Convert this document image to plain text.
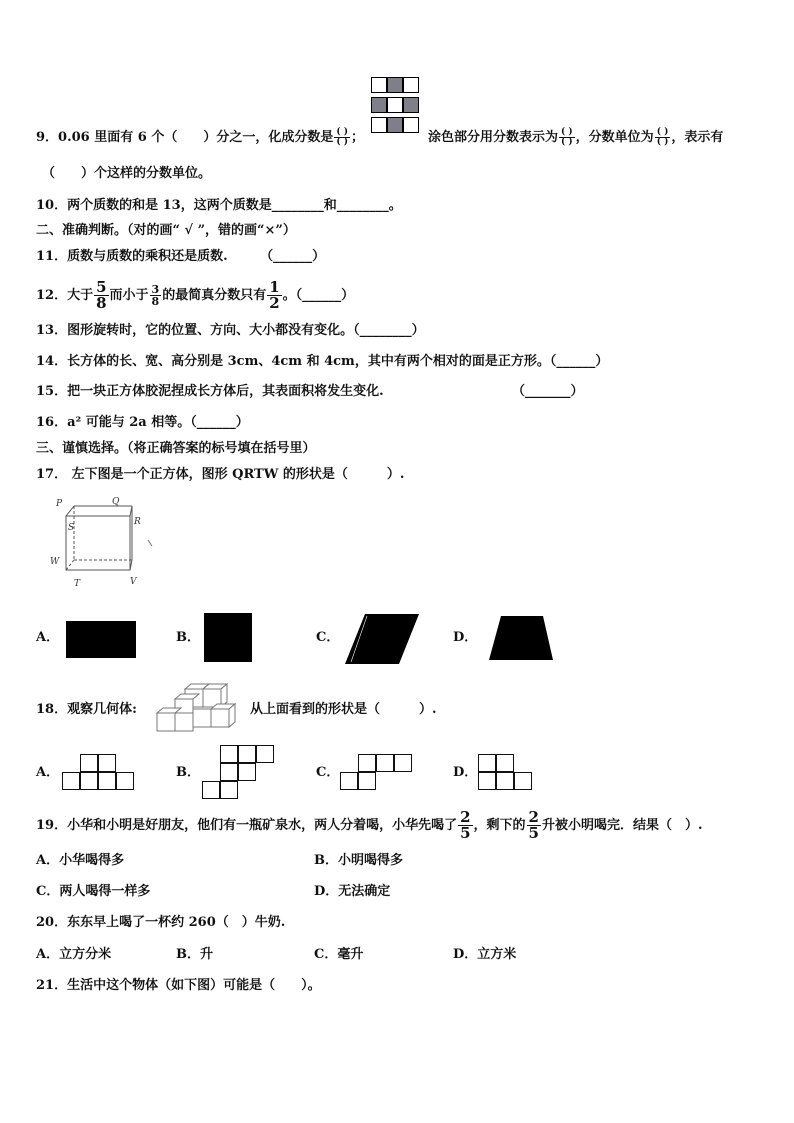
9．0.06 里面有 6 个（　　）分之一，化成分数是 $\frac{( )}{( )}$ ；	涂色部分用分数表示为 $\frac{( )}{( )}$ ，分数单位为 $\frac{( )}{( )}$ ，表示有
（　　）个这样的分数单位。
10．两个质数的和是 13，这两个质数是________和________。
二、准确判断。（对的画“ √ ”，错的画“×”）
11．质数与质数的乘积还是质数.　　　（______）
12．大于 $\frac{5}{8}$ 而小于 $\frac{3}{8}$ 的最简真分数只有 $\frac{1}{2}$ 。（______）
13．图形旋转时，它的位置、方向、大小都没有变化。（________）
14．长方体的长、宽、高分别是 3cm、4cm 和 4cm，其中有两个相对的面是正方形。（______）
15．把一块正方体胶泥捏成长方体后，其表面积将发生变化.	（_______）
16．a² 可能与 2a 相等。（______）
三、谨慎选择。（将正确答案的标号填在括号里）
17． 左下图是一个正方体，图形 QRTW 的形状是（　　　）.
P	Q
S
R
W
T	V
A．	B．	C．	D．
18．观察几何体:	从上面看到的形状是（　　　）.
A．	B．	C．	D．
19．小华和小明是好朋友，他们有一瓶矿泉水，两人分着喝，小华先喝了 $\frac{2}{5}$ ，剩下的 $\frac{2}{5}$ 升被小明喝完．结果（　）.
A．小华喝得多	B．小明喝得多
C．两人喝得一样多	D．无法确定
20．东东早上喝了一杯约 260（　）牛奶.
A．立方分米	B．升	C．毫升	D．立方米
21．生活中这个物体（如下图）可能是（　　）。
